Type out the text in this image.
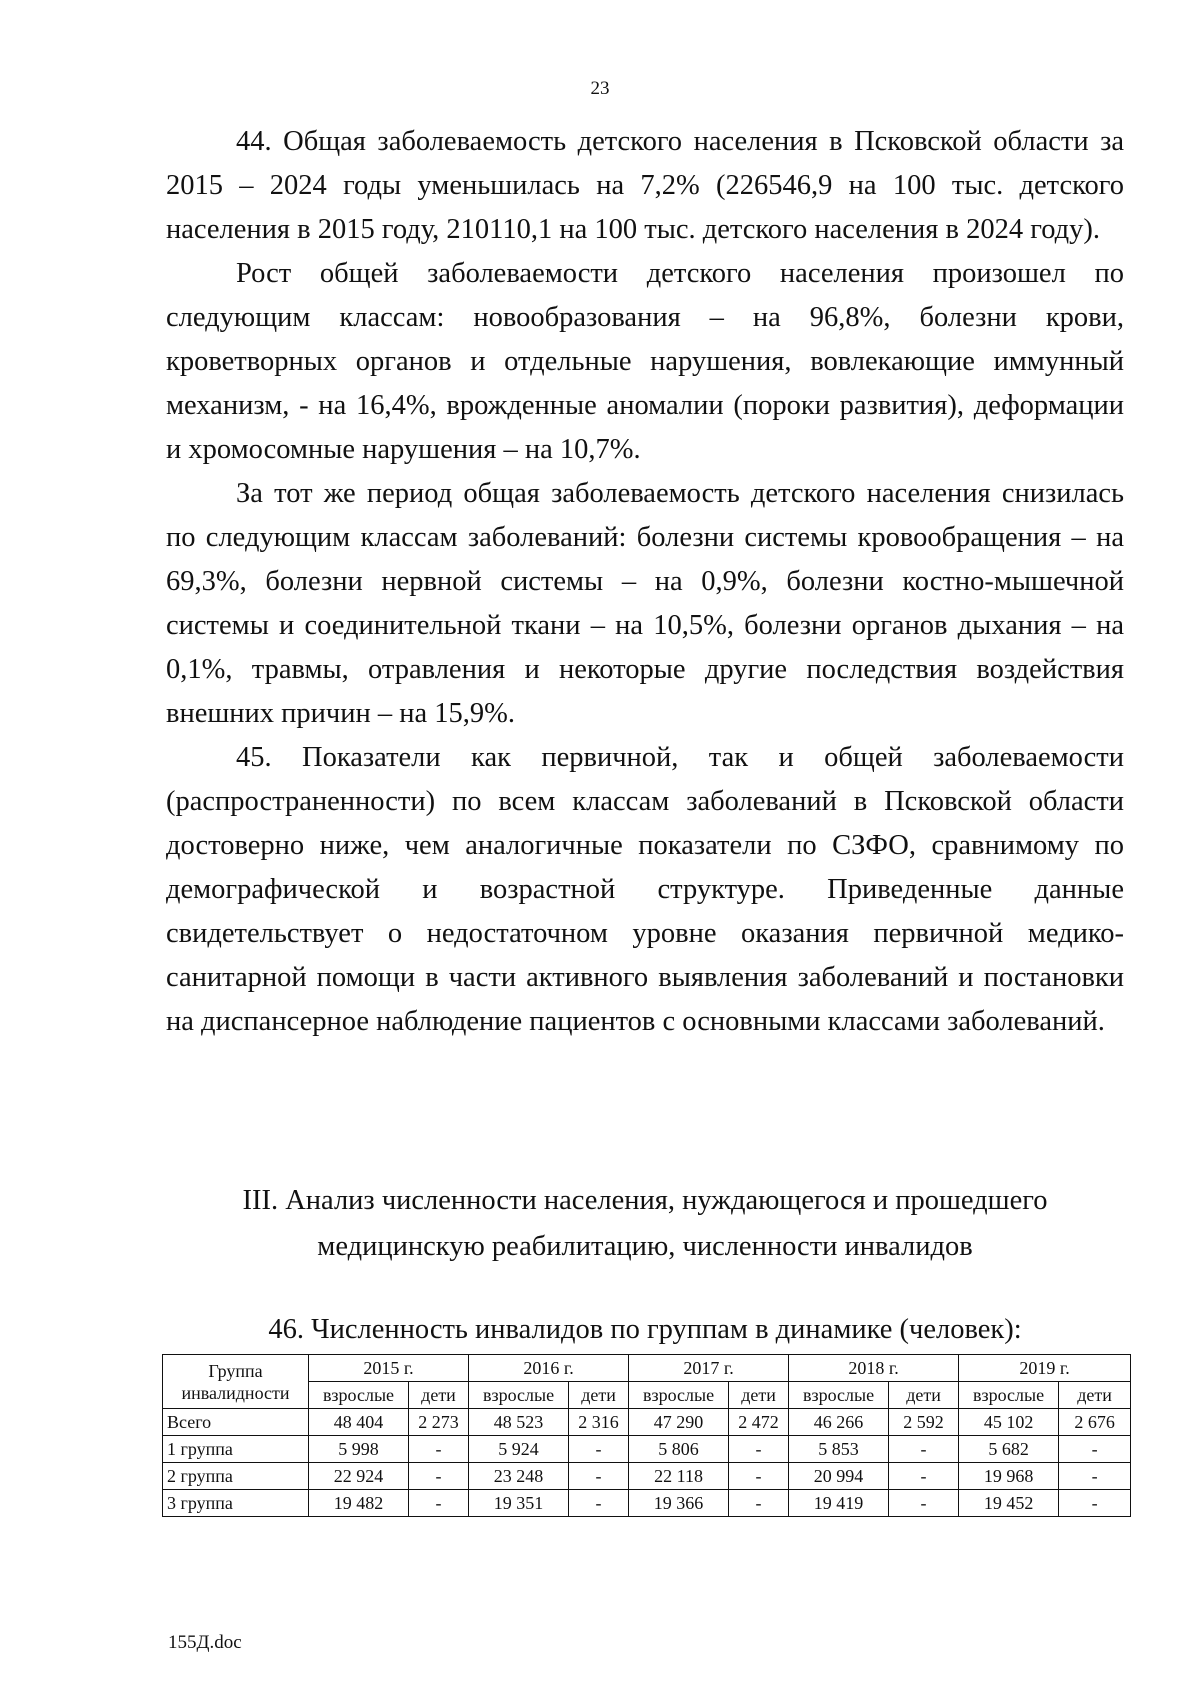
23

44. Общая заболеваемость детского населения в Псковской области за 2015 – 2024 годы уменьшилась на 7,2% (226546,9 на 100 тыс. детского населения в 2015 году, 210110,1 на 100 тыс. детского населения в 2024 году).

Рост общей заболеваемости детского населения произошел по следующим классам: новообразования – на 96,8%, болезни крови, кроветворных органов и отдельные нарушения, вовлекающие иммунный механизм, - на 16,4%, врожденные аномалии (пороки развития), деформации и хромосомные нарушения – на 10,7%.

За тот же период общая заболеваемость детского населения снизилась по следующим классам заболеваний: болезни системы кровообращения – на 69,3%, болезни нервной системы – на 0,9%, болезни костно-мышечной системы и соединительной ткани – на 10,5%, болезни органов дыхания – на 0,1%, травмы, отравления и некоторые другие последствия воздействия внешних причин – на 15,9%.

45. Показатели как первичной, так и общей заболеваемости (распространенности) по всем классам заболеваний в Псковской области достоверно ниже, чем аналогичные показатели по СЗФО, сравнимому по демографической и возрастной структуре. Приведенные данные свидетельствует о недостаточном уровне оказания первичной медико-санитарной помощи в части активного выявления заболеваний и постановки на диспансерное наблюдение пациентов с основными классами заболеваний.

III. Анализ численности населения, нуждающегося и прошедшего
медицинскую реабилитацию, численности инвалидов
46. Численность инвалидов по группам в динамике (человек):
Группа инвалидности	2015 г.		2016 г.		2017 г.		2018 г.		2019 г.	
	взрослые	дети	взрослые	дети	взрослые	дети	взрослые	дети	взрослые	дети
Всего	48 404	2 273	48 523	2 316	47 290	2 472	46 266	2 592	45 102	2 676
1 группа	5 998	-	5 924	-	5 806	-	5 853	-	5 682	-
2 группа	22 924	-	23 248	-	22 118	-	20 994	-	19 968	-
3 группа	19 482	-	19 351	-	19 366	-	19 419	-	19 452	-
155Д.doc
